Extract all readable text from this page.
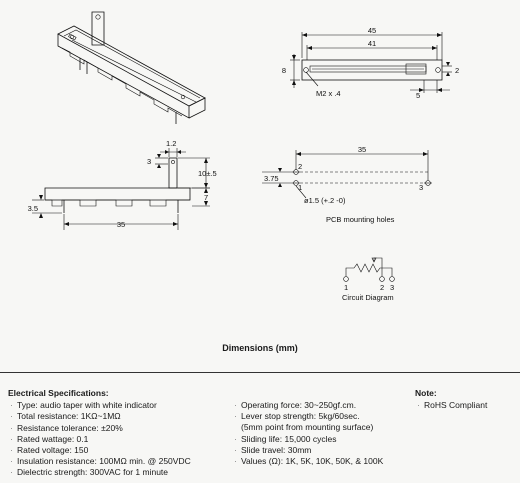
45
41
8	2
5
M2 x .4
1.2
3
10±.5
7
3.5
35
35
2
1	3
3.75
ø1.5 (+.2 -0)
PCB mounting holes
1	2 3
Circuit Diagram
Dimensions (mm)
Electrical Specifications:
· Type: audio taper with white indicator
· Total resistance: 1KΩ~1MΩ
· Resistance tolerance: ±20%
· Rated wattage: 0.1
· Rated voltage: 150
· Insulation resistance: 100MΩ min. @ 250VDC
· Dielectric strength: 300VAC for 1 minute
· Operating force: 30~250gf.cm.
· Lever stop strength: 5kg/60sec.
(5mm point from mounting surface)
· Sliding life: 15,000 cycles
· Slide travel: 30mm
· Values (Ω): 1K, 5K, 10K, 50K, & 100K
Note:
· RoHS Compliant
